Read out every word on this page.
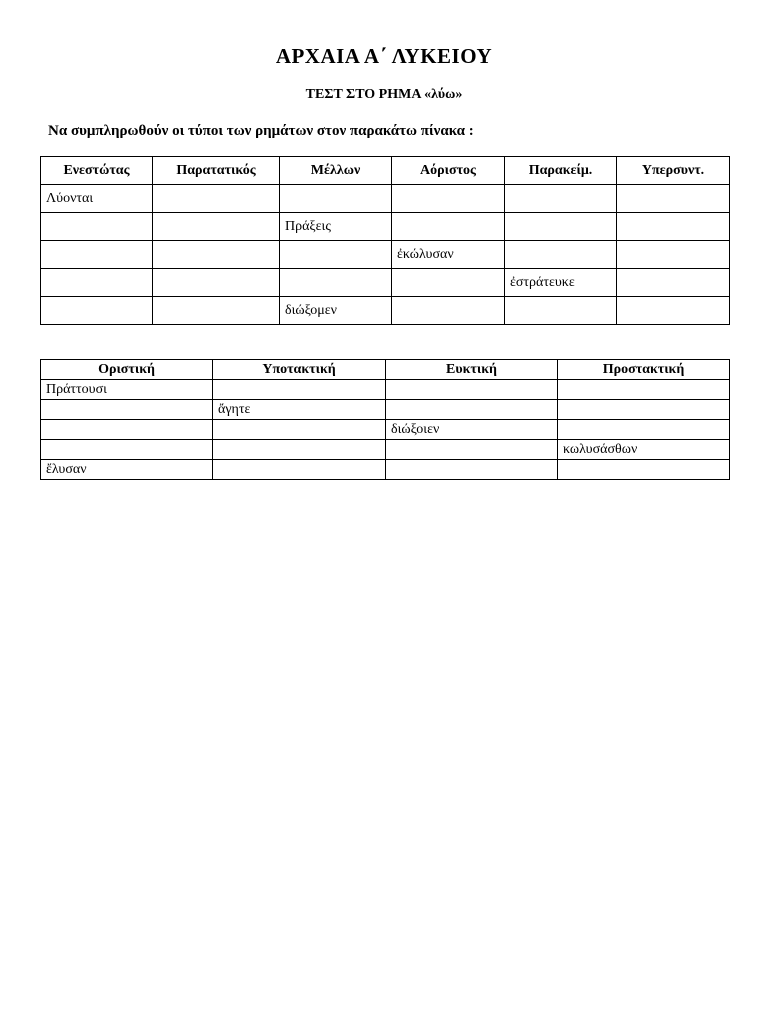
ΑΡΧΑΙΑ Α΄ ΛΥΚΕΙΟΥ
ΤΕΣΤ ΣΤΟ ΡΗΜΑ «λύω»
Να συμπληρωθούν οι τύποι των ρημάτων στον παρακάτω πίνακα :
Ενεστώτας	Παρατατικός	Μέλλων	Αόριστος	Παρακείμ.	Υπερσυντ.
Λύονται					
		Πράξεις			
			ἐκώλυσαν		
				ἐστράτευκε	
		διώξομεν			
Οριστική	Υποτακτική	Ευκτική	Προστακτική
Πράττουσι			
	ἄγητε		
		διώξοιεν	
			κωλυσάσθων
ἔλυσαν			
